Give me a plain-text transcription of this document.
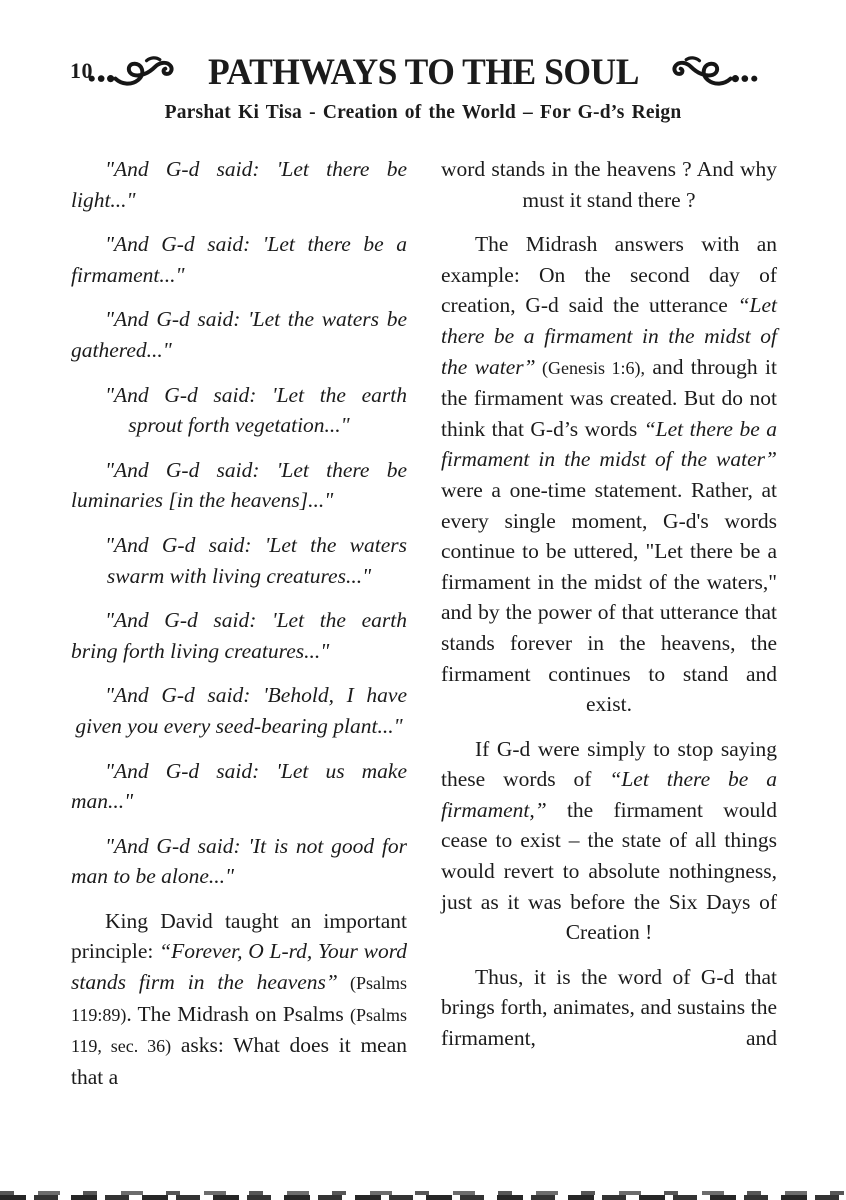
10	PATHWAYS TO THE SOUL
Parshat Ki Tisa - Creation of the World – For G-d’s Reign

"And G-d said: 'Let there be light..."

"And G-d said: 'Let there be a firmament..."

"And G-d said: 'Let the waters be gathered..."

"And G-d said: 'Let the earth sprout forth vegetation..."

"And G-d said: 'Let there be luminaries [in the heavens]..."

"And G-d said: 'Let the waters swarm with living creatures..."

"And G-d said: 'Let the earth bring forth living creatures..."

"And G-d said: 'Behold, I have given you every seed-bearing plant..."

"And G-d said: 'Let us make man..."

"And G-d said: 'It is not good for man to be alone..."

King David taught an important principle: “Forever, O L-rd, Your word stands firm in the heavens” (Psalms 119:89). The Midrash on Psalms (Psalms 119, sec. 36) asks: What does it mean that a

word stands in the heavens ? And why must it stand there ?

The Midrash answers with an example: On the second day of creation, G-d said the utterance “Let there be a firmament in the midst of the water” (Genesis 1:6), and through it the firmament was created. But do not think that G-d’s words “Let there be a firmament in the midst of the water” were a one-time statement. Rather, at every single moment, G-d's words continue to be uttered, "Let there be a firmament in the midst of the waters," and by the power of that utterance that stands forever in the heavens, the firmament continues to stand and exist.

If G-d were simply to stop saying these words of “Let there be a firmament,” the firmament would cease to exist – the state of all things would revert to absolute nothingness, just as it was before the Six Days of Creation !

Thus, it is the word of G-d that brings forth, animates, and sustains the firmament, and
